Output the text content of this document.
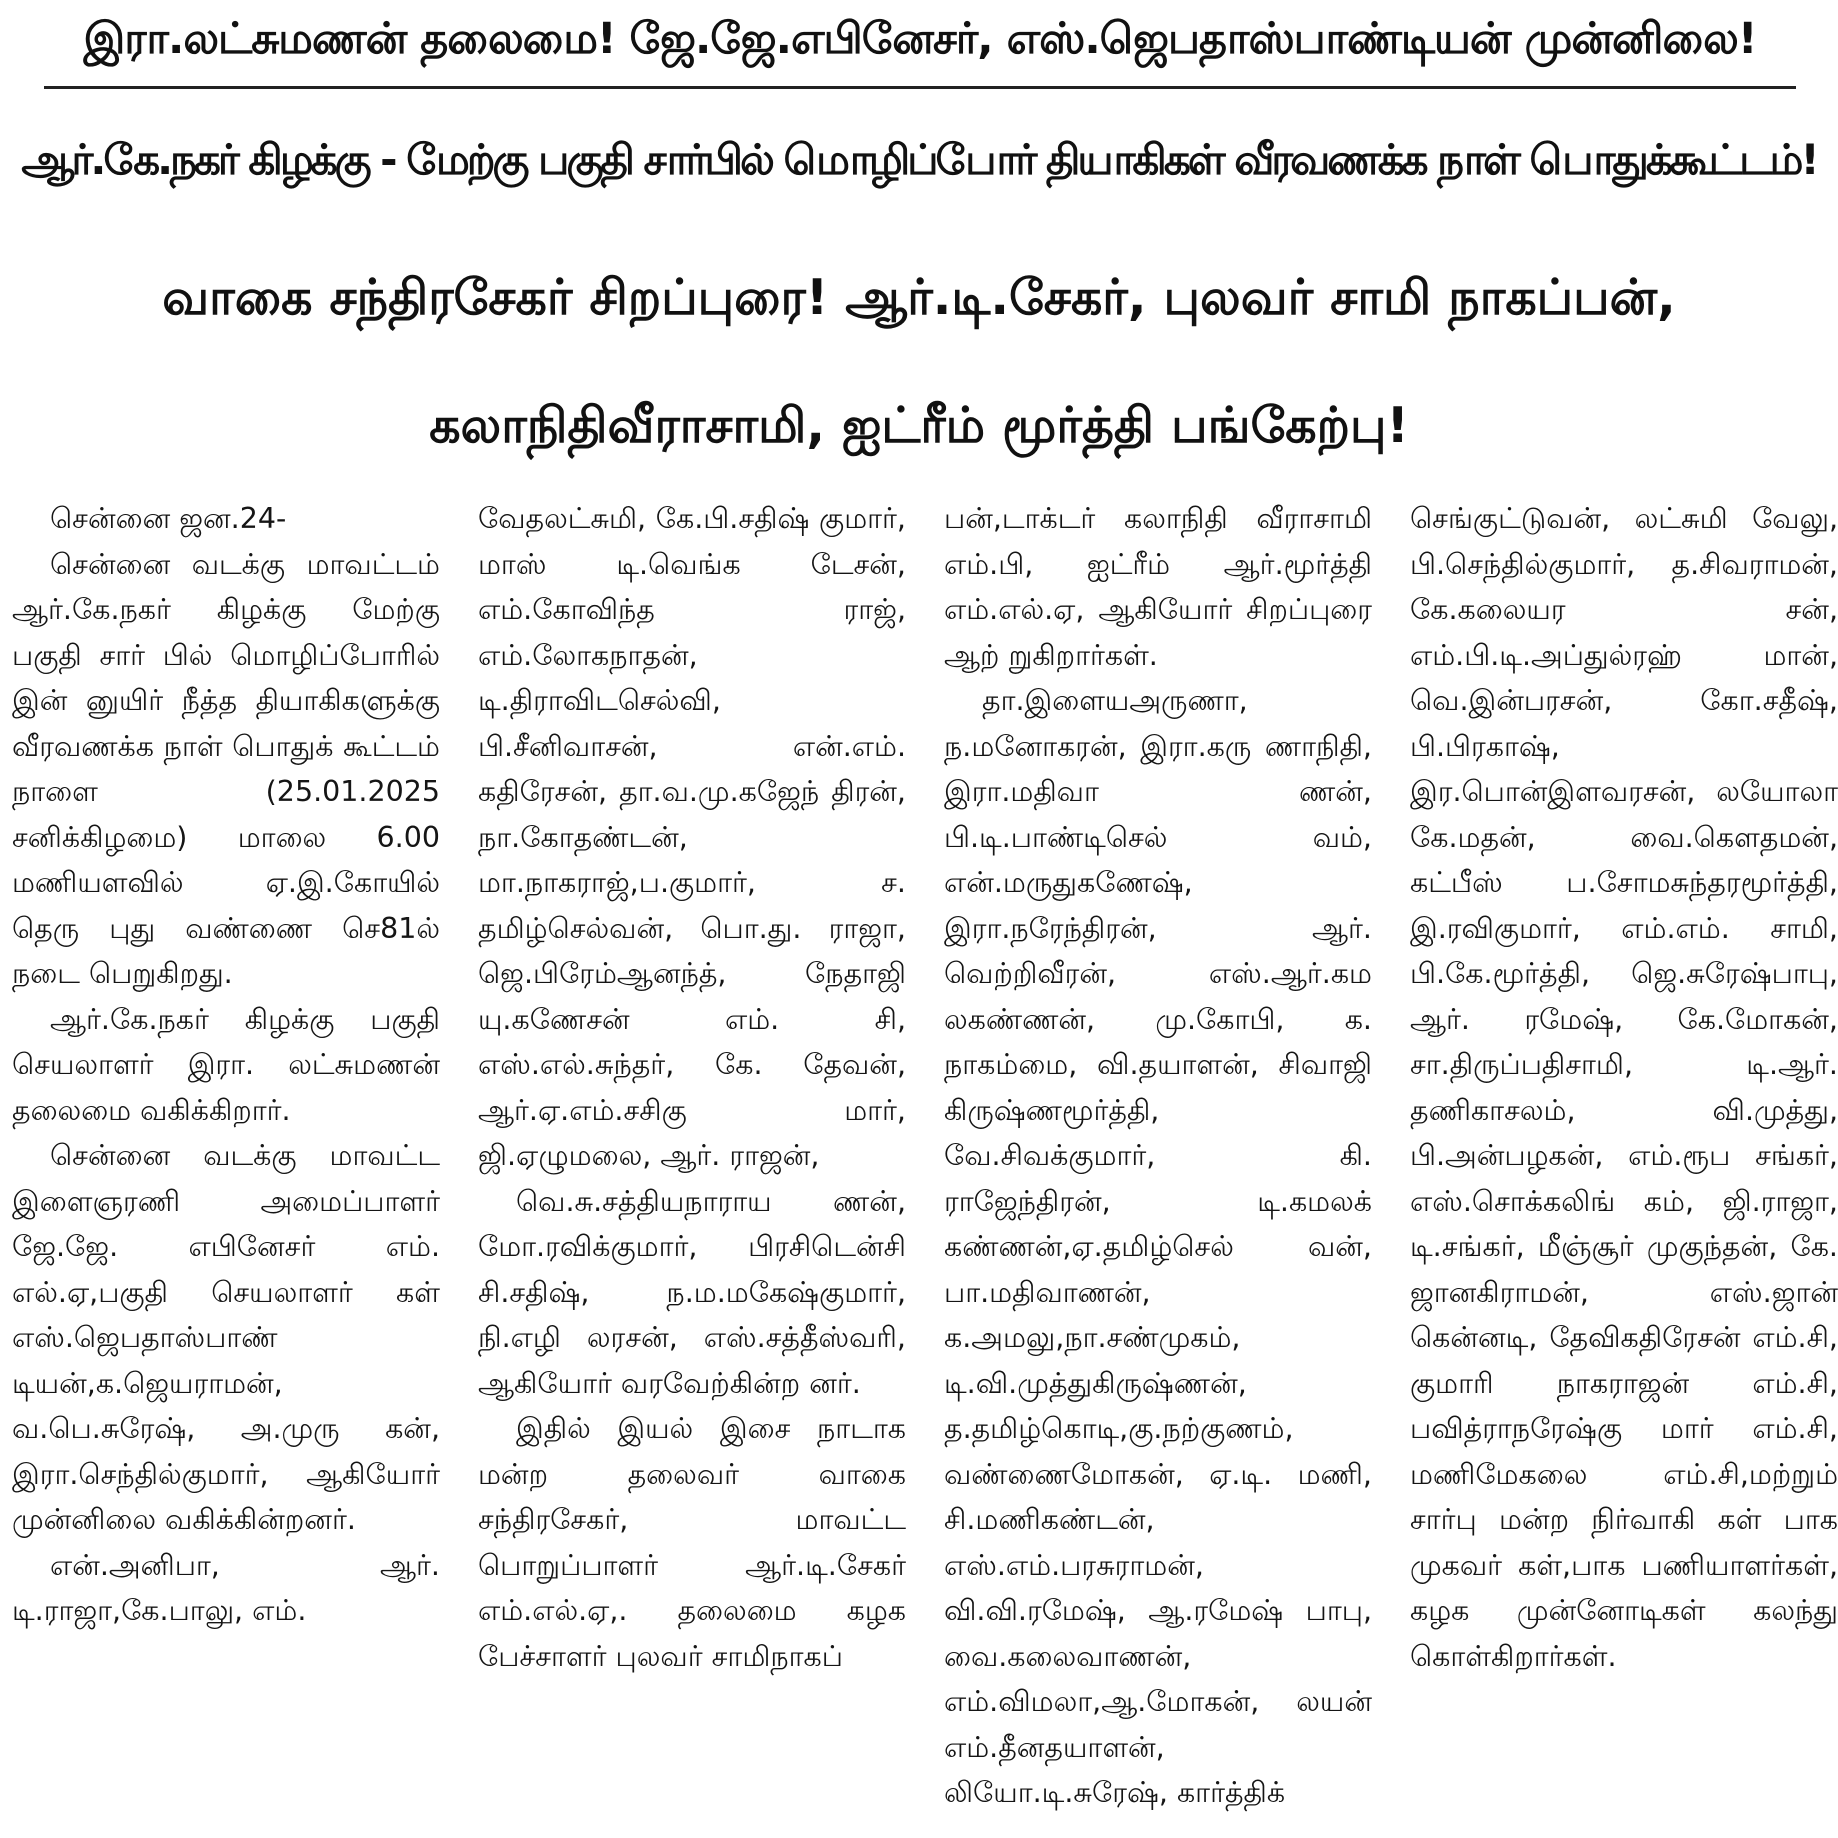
இரா.லட்சுமணன் தலைமை! ஜே.ஜே.எபினேசர், எஸ்.ஜெபதாஸ்பாண்டியன் முன்னிலை!
ஆர்.கே.நகர் கிழக்கு - மேற்கு பகுதி சார்பில் மொழிப்போர் தியாகிகள் வீரவணக்க நாள் பொதுக்கூட்டம்!
வாகை சந்திரசேகர் சிறப்புரை! ஆர்.டி.சேகர், புலவர் சாமி நாகப்பன்,
கலாநிதிவீராசாமி, ஐட்ரீம் மூர்த்தி பங்கேற்பு!

சென்னை ஜன.24-

சென்னை வடக்கு மாவட்டம் ஆர்.கே.நகர் கிழக்கு மேற்கு பகுதி சார் பில் மொழிப்போரில் இன் னுயிர் நீத்த தியாகிகளுக்கு வீரவணக்க நாள் பொதுக் கூட்டம் நாளை (25.01.2025 சனிக்கிழமை) மாலை 6.00 மணியளவில் ஏ.இ.கோயில் தெரு புது வண்ணை செ81ல் நடை பெறுகிறது.

ஆர்.கே.நகர் கிழக்கு பகுதி செயலாளர் இரா. லட்சுமணன் தலைமை வகிக்கிறார்.

சென்னை வடக்கு மாவட்ட இளைஞரணி அமைப்பாளர் ஜே.ஜே. எபினேசர் எம். எல்.ஏ,பகுதி செயலாளர் கள் எஸ்.ஜெபதாஸ்பாண் டியன்,க.ஜெயராமன், வ.பெ.சுரேஷ், அ.முரு கன், இரா.செந்தில்குமார், ஆகியோர் முன்னிலை வகிக்கின்றனர்.

என்.அனிபா, ஆர். டி.ராஜா,கே.பாலு, எம்.

வேதலட்சுமி, கே.பி.சதிஷ் குமார், மாஸ் டி.வெங்க டேசன், எம்.கோவிந்த ராஜ், எம்.லோகநாதன், டி.திராவிடசெல்வி, பி.சீனிவாசன், என்.எம். கதிரேசன், தா.வ.மு.கஜேந் திரன், நா.கோதண்டன், மா.நாகராஜ்,ப.குமார், ச. தமிழ்செல்வன், பொ.து. ராஜா, ஜெ.பிரேம்ஆனந்த், நேதாஜி யு.கணேசன் எம். சி, எஸ்.எல்.சுந்தர், கே. தேவன், ஆர்.ஏ.எம்.சசிகு மார், ஜி.ஏழுமலை, ஆர். ராஜன்,

வெ.சு.சத்தியநாராய ணன், மோ.ரவிக்குமார், பிரசிடென்சி சி.சதிஷ், ந.ம.மகேஷ்குமார், நி.எழி லரசன், எஸ்.சத்தீஸ்வரி, ஆகியோர் வரவேற்கின்ற னர்.

இதில் இயல் இசை நாடாக மன்ற தலைவர் வாகை சந்திரசேகர், மாவட்ட பொறுப்பாளர் ஆர்.டி.சேகர் எம்.எல்.ஏ,. தலைமை கழக பேச்சாளர் புலவர் சாமிநாகப்

பன்,டாக்டர் கலாநிதி வீராசாமி எம்.பி, ஐட்ரீம் ஆர்.மூர்த்தி எம்.எல்.ஏ, ஆகியோர் சிறப்புரை ஆற் றுகிறார்கள்.

தா.இளையஅருணா, ந.மனோகரன், இரா.கரு ணாநிதி, இரா.மதிவா ணன், பி.டி.பாண்டிசெல் வம், என்.மருதுகணேஷ், இரா.நரேந்திரன், ஆர். வெற்றிவீரன், எஸ்.ஆர்.கம லகண்ணன், மு.கோபி, க. நாகம்மை, வி.தயாளன், சிவாஜி கிருஷ்ணமூர்த்தி, வே.சிவக்குமார், கி. ராஜேந்திரன், டி.கமலக் கண்ணன்,ஏ.தமிழ்செல் வன், பா.மதிவாணன், க.அமலு,நா.சண்முகம், டி.வி.முத்துகிருஷ்ணன், த.தமிழ்கொடி,கு.நற்குணம், வண்ணைமோகன், ஏ.டி. மணி, சி.மணிகண்டன், எஸ்.எம்.பரசுராமன், வி.வி.ரமேஷ், ஆ.ரமேஷ் பாபு, வை.கலைவாணன், எம்.விமலா,ஆ.மோகன், லயன் எம்.தீனதயாளன், லியோ.டி.சுரேஷ், கார்த்திக்

செங்குட்டுவன், லட்சுமி வேலு, பி.செந்தில்குமார், த.சிவராமன், கே.கலையர சன், எம்.பி.டி.அப்துல்ரஹ் மான், வெ.இன்பரசன், கோ.சதீஷ், பி.பிரகாஷ், இர.பொன்இளவரசன், லயோலா கே.மதன், வை.கௌதமன், கட்பீஸ் ப.சோமசுந்தரமூர்த்தி, இ.ரவிகுமார், எம்.எம். சாமி, பி.கே.மூர்த்தி, ஜெ.சுரேஷ்பாபு, ஆர். ரமேஷ், கே.மோகன், சா.திருப்பதிசாமி, டி.ஆர். தணிகாசலம், வி.முத்து, பி.அன்பழகன், எம்.ரூப சங்கர், எஸ்.சொக்கலிங் கம், ஜி.ராஜா, டி.சங்கர், மீஞ்சூர் முகுந்தன், கே. ஜானகிராமன், எஸ்.ஜான் கென்னடி, தேவிகதிரேசன் எம்.சி, குமாரி நாகராஜன் எம்.சி, பவித்ராநரேஷ்கு மார் எம்.சி, மணிமேகலை எம்.சி,மற்றும் சார்பு மன்ற நிர்வாகி கள் பாக முகவர் கள்,பாக பணியாளர்கள், கழக முன்னோடிகள் கலந்து கொள்கிறார்கள்.
